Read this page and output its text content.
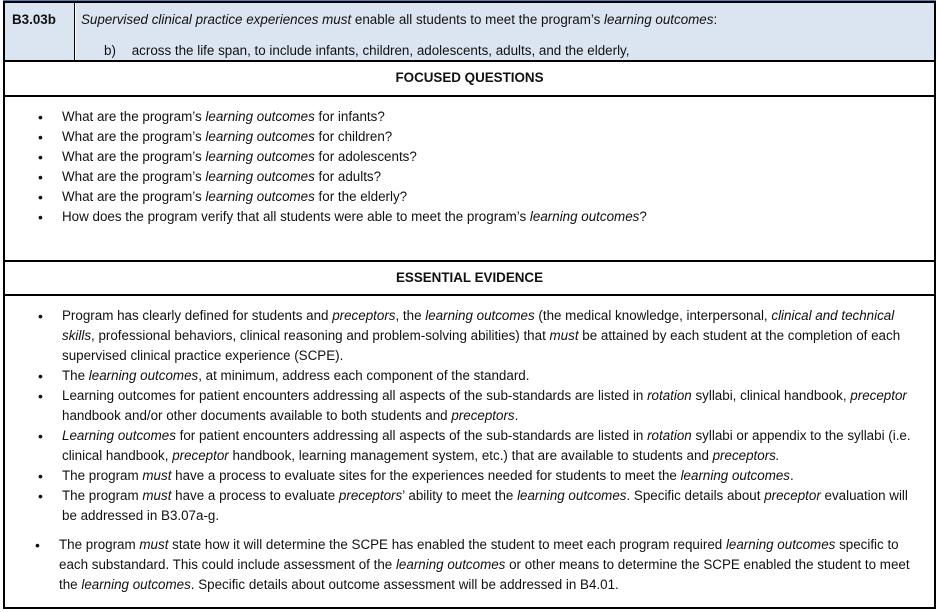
B3.03b	Supervised clinical practice experiences must enable all students to meet the program’s learning outcomes:
b) across the life span, to include infants, children, adolescents, adults, and the elderly,
FOCUSED QUESTIONS
•	What are the program’s learning outcomes for infants?
•	What are the program’s learning outcomes for children?
•	What are the program’s learning outcomes for adolescents?
•	What are the program’s learning outcomes for adults?
•	What are the program’s learning outcomes for the elderly?
•	How does the program verify that all students were able to meet the program’s learning outcomes?
ESSENTIAL EVIDENCE
•	Program has clearly defined for students and preceptors, the learning outcomes (the medical knowledge, interpersonal, clinical and technical skills, professional behaviors, clinical reasoning and problem-solving abilities) that must be attained by each student at the completion of each supervised clinical practice experience (SCPE).
•	The learning outcomes, at minimum, address each component of the standard.
•	Learning outcomes for patient encounters addressing all aspects of the sub-standards are listed in rotation syllabi, clinical handbook, preceptor handbook and/or other documents available to both students and preceptors.
•	Learning outcomes for patient encounters addressing all aspects of the sub-standards are listed in rotation syllabi or appendix to the syllabi (i.e. clinical handbook, preceptor handbook, learning management system, etc.) that are available to students and preceptors.
•	The program must have a process to evaluate sites for the experiences needed for students to meet the learning outcomes.
•	The program must have a process to evaluate preceptors’ ability to meet the learning outcomes. Specific details about preceptor evaluation will be addressed in B3.07a-g.
•	The program must state how it will determine the SCPE has enabled the student to meet each program required learning outcomes specific to each substandard. This could include assessment of the learning outcomes or other means to determine the SCPE enabled the student to meet the learning outcomes. Specific details about outcome assessment will be addressed in B4.01.
